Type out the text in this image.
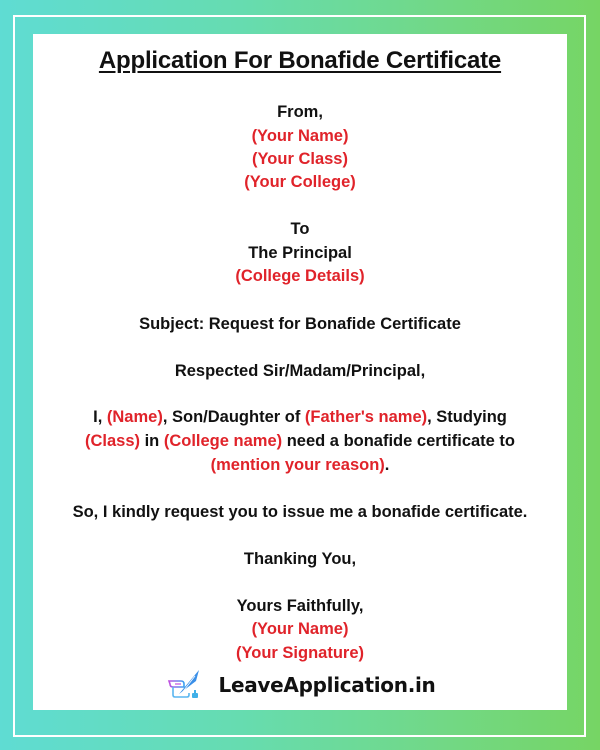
Application For Bonafide Certificate
From,
(Your Name)
(Your Class)
(Your College)
To
The Principal
(College Details)
Subject: Request for Bonafide Certificate
Respected Sir/Madam/Principal,
I, (Name), Son/Daughter of (Father's name), Studying
(Class) in (College name) need a bonafide certificate to
(mention your reason).
So, I kindly request you to issue me a bonafide certificate.
Thanking You,
Yours Faithfully,
(Your Name)
(Your Signature)
LeaveApplication.in
